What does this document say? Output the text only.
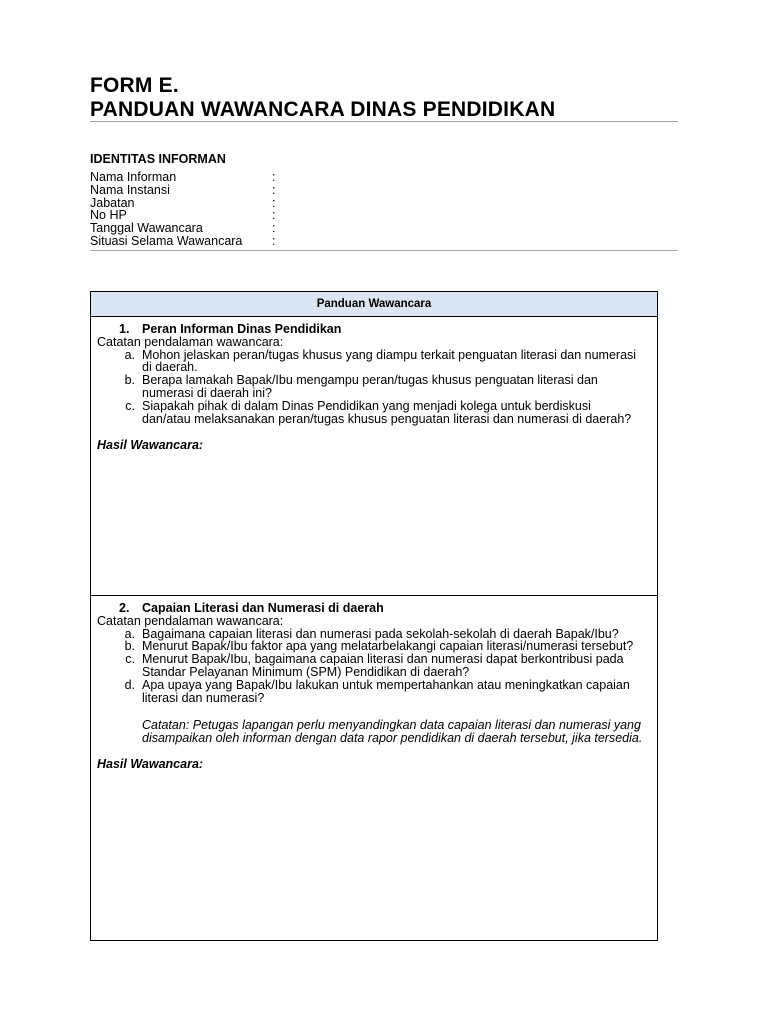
FORM E.
PANDUAN WAWANCARA DINAS PENDIDIKAN
IDENTITAS INFORMAN
Nama Informan	:
Nama Instansi	:
Jabatan	:
No HP	:
Tanggal Wawancara	:
Situasi Selama Wawancara	:
Panduan Wawancara
1.	Peran Informan Dinas Pendidikan
Catatan pendalaman wawancara:
a. Mohon jelaskan peran/tugas khusus yang diampu terkait penguatan literasi dan numerasi di daerah.
b. Berapa lamakah Bapak/Ibu mengampu peran/tugas khusus penguatan literasi dan numerasi di daerah ini?
c. Siapakah pihak di dalam Dinas Pendidikan yang menjadi kolega untuk berdiskusi dan/atau melaksanakan peran/tugas khusus penguatan literasi dan numerasi di daerah?
Hasil Wawancara:
2.	Capaian Literasi dan Numerasi di daerah
Catatan pendalaman wawancara:
a. Bagaimana capaian literasi dan numerasi pada sekolah-sekolah di daerah Bapak/Ibu?
b. Menurut Bapak/Ibu faktor apa yang melatarbelakangi capaian literasi/numerasi tersebut?
c. Menurut Bapak/Ibu, bagaimana capaian literasi dan numerasi dapat berkontribusi pada Standar Pelayanan Minimum (SPM) Pendidikan di daerah?
d. Apa upaya yang Bapak/Ibu lakukan untuk mempertahankan atau meningkatkan capaian literasi dan numerasi?
Catatan: Petugas lapangan perlu menyandingkan data capaian literasi dan numerasi yang disampaikan oleh informan dengan data rapor pendidikan di daerah tersebut, jika tersedia.
Hasil Wawancara:
